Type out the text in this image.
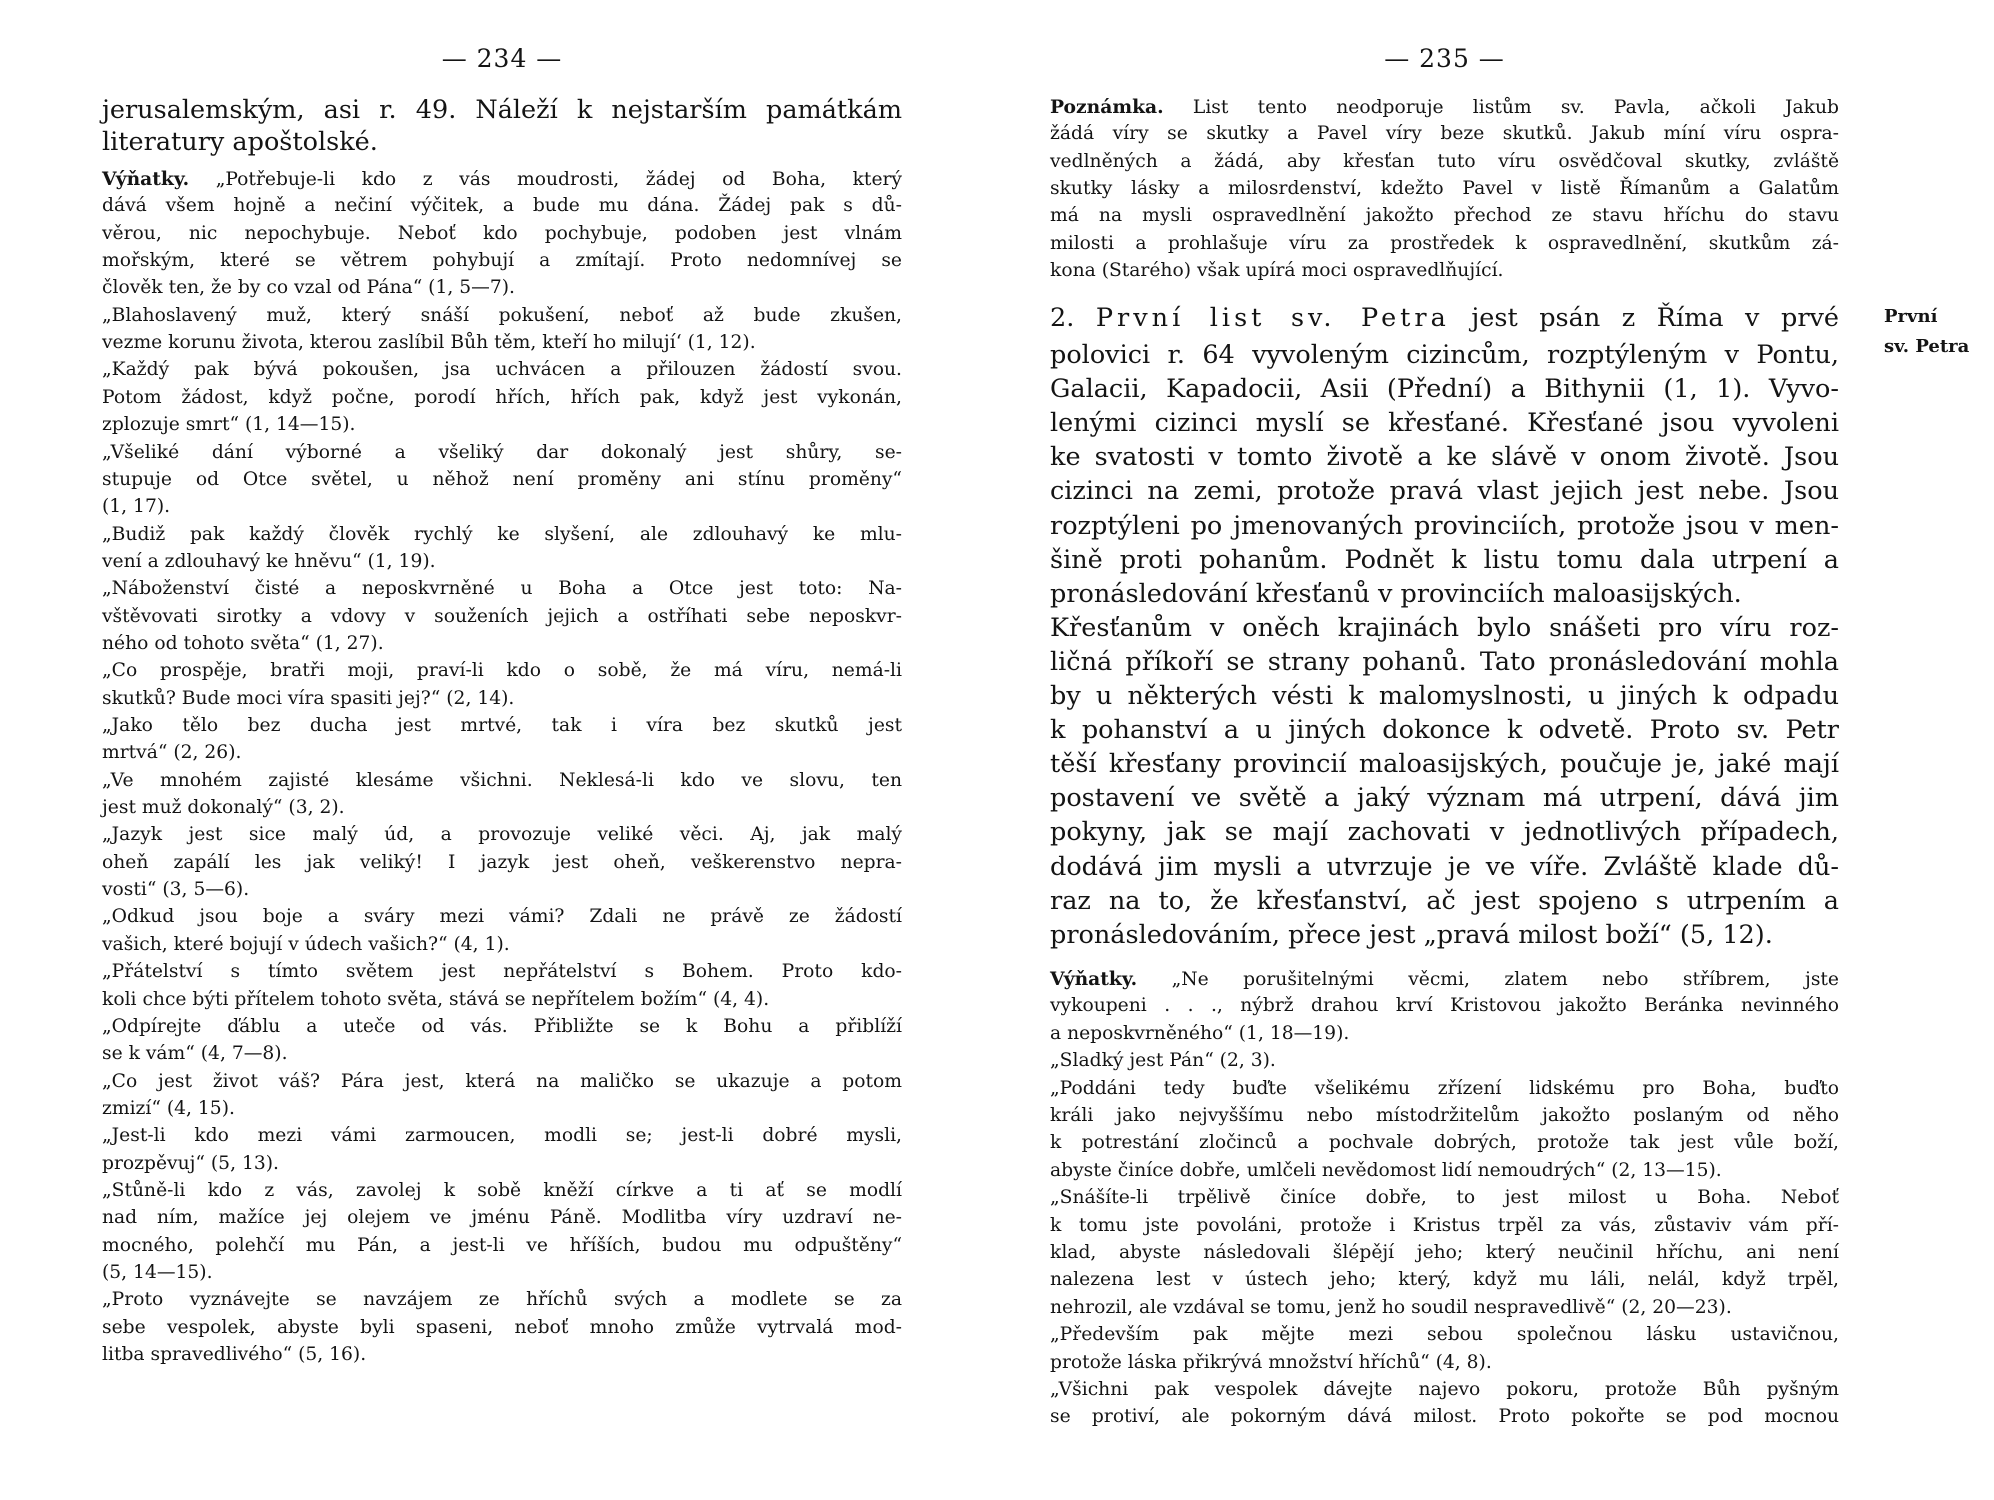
— 234 —
jerusalemským, asi r. 49. Náleží k nejstarším památkám
literatury apoštolské.
Výňatky. „Potřebuje-li kdo z vás moudrosti, žádej od Boha, který
dává všem hojně a nečiní výčitek, a bude mu dána. Žádej pak s dů-
věrou, nic nepochybuje. Neboť kdo pochybuje, podoben jest vlnám
mořským, které se větrem pohybují a zmítají. Proto nedomnívej se
člověk ten, že by co vzal od Pána“ (1, 5—7).
„Blahoslavený muž, který snáší pokušení, neboť až bude zkušen,
vezme korunu života, kterou zaslíbil Bůh těm, kteří ho milují‘ (1, 12).
„Každý pak bývá pokoušen, jsa uchvácen a přilouzen žádostí svou.
Potom žádost, když počne, porodí hřích, hřích pak, když jest vykonán,
zplozuje smrt“ (1, 14—15).
„Všeliké dání výborné a všeliký dar dokonalý jest shůry, se-
stupuje od Otce světel, u něhož není proměny ani stínu proměny“
(1, 17).
„Budiž pak každý člověk rychlý ke slyšení, ale zdlouhavý ke mlu-
vení a zdlouhavý ke hněvu“ (1, 19).
„Náboženství čisté a neposkvrněné u Boha a Otce jest toto: Na-
vštěvovati sirotky a vdovy v souženích jejich a ostříhati sebe neposkvr-
ného od tohoto světa“ (1, 27).
„Co prospěje, bratři moji, praví-li kdo o sobě, že má víru, nemá-li
skutků? Bude moci víra spasiti jej?“ (2, 14).
„Jako tělo bez ducha jest mrtvé, tak i víra bez skutků jest
mrtvá“ (2, 26).
„Ve mnohém zajisté klesáme všichni. Neklesá-li kdo ve slovu, ten
jest muž dokonalý“ (3, 2).
„Jazyk jest sice malý úd, a provozuje veliké věci. Aj, jak malý
oheň zapálí les jak veliký! I jazyk jest oheň, veškerenstvo nepra-
vosti“ (3, 5—6).
„Odkud jsou boje a sváry mezi vámi? Zdali ne právě ze žádostí
vašich, které bojují v údech vašich?“ (4, 1).
„Přátelství s tímto světem jest nepřátelství s Bohem. Proto kdo-
koli chce býti přítelem tohoto světa, stává se nepřítelem božím“ (4, 4).
„Odpírejte ďáblu a uteče od vás. Přibližte se k Bohu a přiblíží
se k vám“ (4, 7—8).
„Co jest život váš? Pára jest, která na maličko se ukazuje a potom
zmizí“ (4, 15).
„Jest-li kdo mezi vámi zarmoucen, modli se; jest-li dobré mysli,
prozpěvuj“ (5, 13).
„Stůně-li kdo z vás, zavolej k sobě kněží církve a ti ať se modlí
nad ním, mažíce jej olejem ve jménu Páně. Modlitba víry uzdraví ne-
mocného, polehčí mu Pán, a jest-li ve hříších, budou mu odpuštěny“
(5, 14—15).
„Proto vyznávejte se navzájem ze hříchů svých a modlete se za
sebe vespolek, abyste byli spaseni, neboť mnoho zmůže vytrvalá mod-
litba spravedlivého“ (5, 16).
— 235 —
Poznámka. List tento neodporuje listům sv. Pavla, ačkoli Jakub
žádá víry se skutky a Pavel víry beze skutků. Jakub míní víru ospra-
vedlněných a žádá, aby křesťan tuto víru osvědčoval skutky, zvláště
skutky lásky a milosrdenství, kdežto Pavel v listě Římanům a Galatům
má na mysli ospravedlnění jakožto přechod ze stavu hříchu do stavu
milosti a prohlašuje víru za prostředek k ospravedlnění, skutkům zá-
kona (Starého) však upírá moci ospravedlňující.
2. První list sv. Petra jest psán z Říma v prvé
polovici r. 64 vyvoleným cizincům, rozptýleným v Pontu,
Galacii, Kapadocii, Asii (Přední) a Bithynii (1, 1). Vyvo-
lenými cizinci myslí se křesťané. Křesťané jsou vyvoleni
ke svatosti v tomto životě a ke slávě v onom životě. Jsou
cizinci na zemi, protože pravá vlast jejich jest nebe. Jsou
rozptýleni po jmenovaných provinciích, protože jsou v men-
šině proti pohanům. Podnět k listu tomu dala utrpení a
pronásledování křesťanů v provinciích maloasijských.
Křesťanům v oněch krajinách bylo snášeti pro víru roz-
ličná příkoří se strany pohanů. Tato pronásledování mohla
by u některých vésti k malomyslnosti, u jiných k odpadu
k pohanství a u jiných dokonce k odvetě. Proto sv. Petr
těší křesťany provincií maloasijských, poučuje je, jaké mají
postavení ve světě a jaký význam má utrpení, dává jim
pokyny, jak se mají zachovati v jednotlivých případech,
dodává jim mysli a utvrzuje je ve víře. Zvláště klade dů-
raz na to, že křesťanství, ač jest spojeno s utrpením a
pronásledováním, přece jest „pravá milost boží“ (5, 12).
Výňatky. „Ne porušitelnými věcmi, zlatem nebo stříbrem, jste
vykoupeni . . ., nýbrž drahou krví Kristovou jakožto Beránka nevinného
a neposkvrněného“ (1, 18—19).
„Sladký jest Pán“ (2, 3).
„Poddáni tedy buďte všelikému zřízení lidskému pro Boha, buďto
králi jako nejvyššímu nebo místodržitelům jakožto poslaným od něho
k potrestání zločinců a pochvale dobrých, protože tak jest vůle boží,
abyste činíce dobře, umlčeli nevědomost lidí nemoudrých“ (2, 13—15).
„Snášíte-li trpělivě činíce dobře, to jest milost u Boha. Neboť
k tomu jste povoláni, protože i Kristus trpěl za vás, zůstaviv vám pří-
klad, abyste následovali šlépějí jeho; který neučinil hříchu, ani není
nalezena lest v ústech jeho; který, když mu láli, nelál, když trpěl,
nehrozil, ale vzdával se tomu, jenž ho soudil nespravedlivě“ (2, 20—23).
„Především pak mějte mezi sebou společnou lásku ustavičnou,
protože láska přikrývá množství hříchů“ (4, 8).
„Všichni pak vespolek dávejte najevo pokoru, protože Bůh pyšným
se protiví, ale pokorným dává milost. Proto pokořte se pod mocnou
První
sv. Petra
